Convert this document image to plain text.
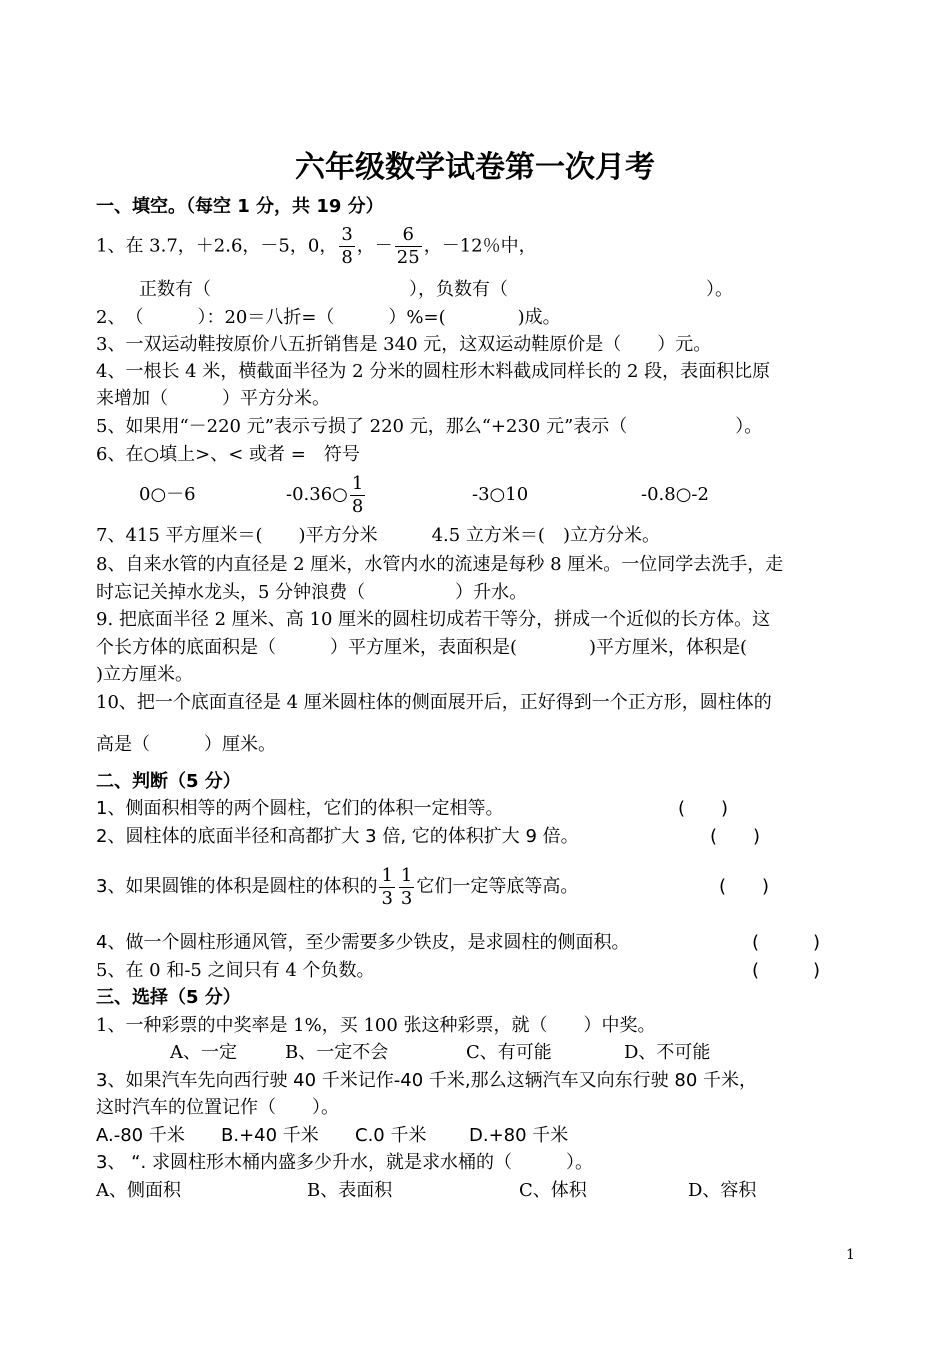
六年级数学试卷第一次月考
一、填空。（每空 1 分，共 19 分）
1、在 3.7，＋2.6，－5，0， $\frac{3}{8}$ ，－ $\frac{6}{25}$ ，－12％中，
正数有（　　　　　　　　　　　），负数有（　　　　　　　　　　　）。
2、　（　　　）：20＝八折=（　　　）%=(　　　　)成。
3、一双运动鞋按原价八五折销售是 340 元，这双运动鞋原价是（　　）元。
4、一根长 4 米，横截面半径为 2 分米的圆柱形木料截成同样长的 2 段，表面积比原
来增加（　　　）平方分米。
5、如果用“－220 元”表示亏损了 220 元，那么“+230 元”表示（　　　　　　）。
6、在○填上>、< 或者 =　符号
0○－6	-0.36○ $\frac{1}{8}$	-3○10	-0.8○-2
7、415 平方厘米＝(　　)平方分米　　　4.5 立方米＝(　)立方分米。
8、自来水管的内直径是 2 厘米，水管内水的流速是每秒 8 厘米。一位同学去洗手，走
时忘记关掉水龙头，5 分钟浪费（　　　　　）升水。
9. 把底面半径 2 厘米、高 10 厘米的圆柱切成若干等分，拼成一个近似的长方体。这
个长方体的底面积是（　　　）平方厘米，表面积是(　　　　)平方厘米，体积是(
)立方厘米。
10、把一个底面直径是 4 厘米圆柱体的侧面展开后，正好得到一个正方形，圆柱体的
高是（　　　）厘米。
二、判断（5 分）
1、侧面积相等的两个圆柱，它们的体积一定相等。	(　　)
2、圆柱体的底面半径和高都扩大 3 倍, 它的体积扩大 9 倍。	(　　)
3、如果圆锥的体积是圆柱的体积的 $\frac{1}{3} \frac{1}{3}$ 它们一定等底等高。	(　　)
4、做一个圆柱形通风管，至少需要多少铁皮，是求圆柱的侧面积。	(　　　)
5、在 0 和-5 之间只有 4 个负数。	(　　　)
三、选择（5 分）
1、一种彩票的中奖率是 1%，买 100 张这种彩票，就（　　）中奖。
A、一定	B、一定不会	C、有可能	D、不可能
3、如果汽车先向西行驶 40 千米记作-40 千米,那么这辆汽车又向东行驶 80 千米，
这时汽车的位置记作（　　）。
A.-80 千米 B.+40 千米 C.0 千米 D.+80 千米
3、 “. 求圆柱形木桶内盛多少升水，就是求水桶的（　　　）。
A、侧面积	B、表面积	C、体积	D、容积
1
